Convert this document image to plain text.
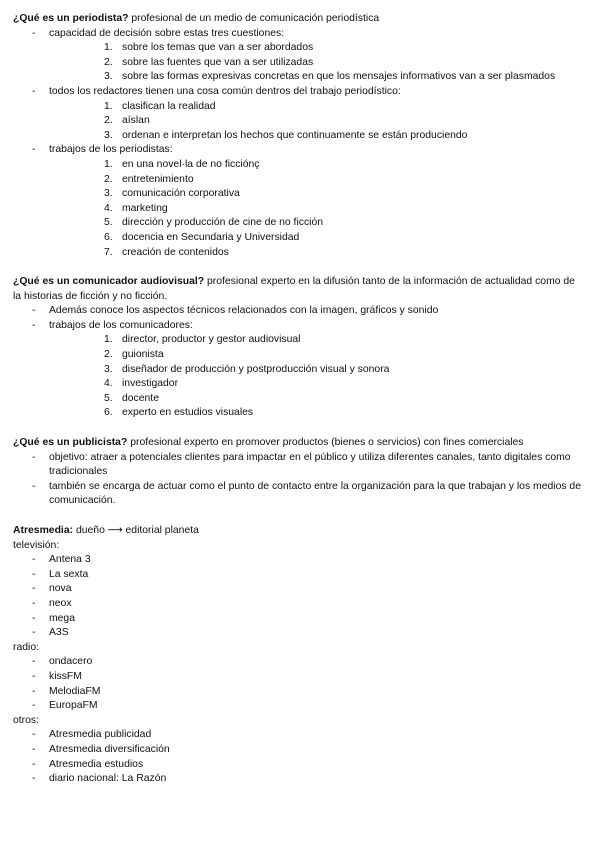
¿Qué es un periodista? profesional de un medio de comunicación periodística

- capacidad de decisión sobre estas tres cuestiones:
1. sobre los temas que van a ser abordados
2. sobre las fuentes que van a ser utilizadas
3. sobre las formas expresivas concretas en que los mensajes informativos van a ser plasmados
- todos los redactores tienen una cosa común dentros del trabajo periodístico:
1. clasifican la realidad
2. aíslan
3. ordenan e interpretan los hechos que continuamente se están produciendo
- trabajos de los periodistas:
1. en una novel·la de no ficciónç
2. entretenimiento
3. comunicación corporativa
4. marketing
5. dirección y producción de cine de no ficción
6. docencia en Secundaria y Universidad
7. creación de contenidos

¿Qué es un comunicador audiovisual? profesional experto en la difusión tanto de la información de actualidad como de la historias de ficción y no ficción.

- Además conoce los aspectos técnicos relacionados con la imagen, gráficos y sonido
- trabajos de los comunicadores:
1. director, productor y gestor audiovisual
2. guionista
3. diseñador de producción y postproducción visual y sonora
4. investigador
5. docente
6. experto en estudios visuales

¿Qué es un publicista? profesional experto en promover productos (bienes o servicios) con fines comerciales

- objetivo: atraer a potenciales clientes para impactar en el público y utiliza diferentes canales, tanto digitales como tradicionales
- también se encarga de actuar como el punto de contacto entre la organización para la que trabajan y los medios de comunicación.

Atresmedia: dueño ⟶ editorial planeta

televisión:

- Antena 3
- La sexta
- nova
- neox
- mega
- A3S

radio:

- ondacero
- kissFM
- MelodiaFM
- EuropaFM

otros:

- Atresmedia publicidad
- Atresmedia diversificación
- Atresmedia estudios
- diario nacional: La Razón
